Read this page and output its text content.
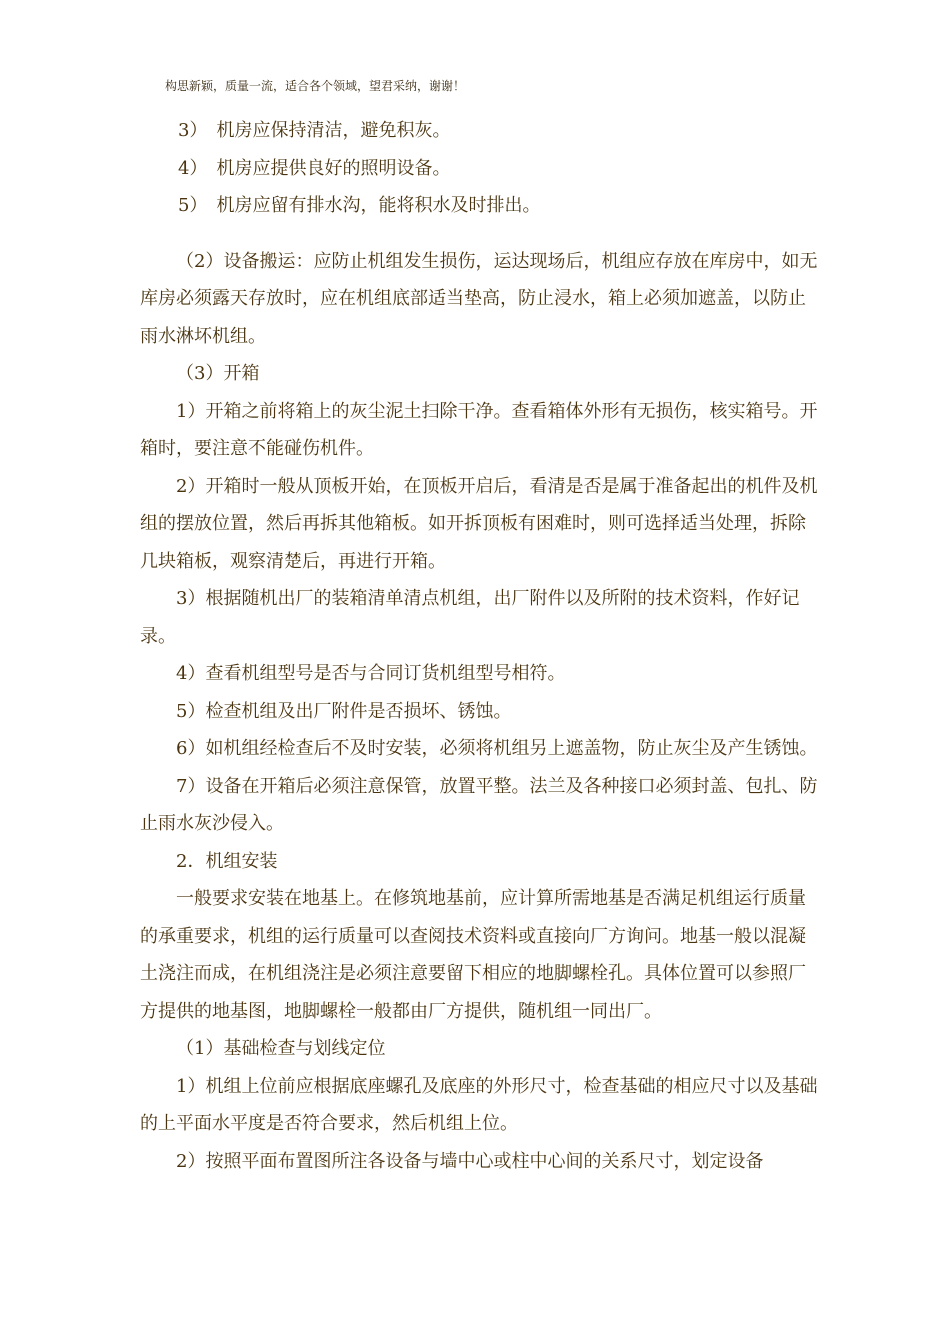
构思新颖，质量一流，适合各个领域，望君采纳，谢谢！

3）　机房应保持清洁，避免积灰。

4）　机房应提供良好的照明设备。

5）　机房应留有排水沟，能将积水及时排出。

（2）设备搬运：应防止机组发生损伤，运达现场后，机组应存放在库房中，如无库房必须露天存放时，应在机组底部适当垫高，防止浸水，箱上必须加遮盖，以防止雨水淋坏机组。

（3）开箱

1）开箱之前将箱上的灰尘泥土扫除干净。查看箱体外形有无损伤，核实箱号。开箱时，要注意不能碰伤机件。

2）开箱时一般从顶板开始，在顶板开启后，看清是否是属于准备起出的机件及机组的摆放位置，然后再拆其他箱板。如开拆顶板有困难时，则可选择适当处理，拆除几块箱板，观察清楚后，再进行开箱。

3）根据随机出厂的装箱清单清点机组，出厂附件以及所附的技术资料，作好记录。

4）查看机组型号是否与合同订货机组型号相符。

5）检查机组及出厂附件是否损坏、锈蚀。

6）如机组经检查后不及时安装，必须将机组另上遮盖物，防止灰尘及产生锈蚀。

7）设备在开箱后必须注意保管，放置平整。法兰及各种接口必须封盖、包扎、防止雨水灰沙侵入。

2．机组安装

一般要求安装在地基上。在修筑地基前，应计算所需地基是否满足机组运行质量的承重要求，机组的运行质量可以查阅技术资料或直接向厂方询问。地基一般以混凝土浇注而成，在机组浇注是必须注意要留下相应的地脚螺栓孔。具体位置可以参照厂方提供的地基图，地脚螺栓一般都由厂方提供，随机组一同出厂。

（1）基础检查与划线定位

1）机组上位前应根据底座螺孔及底座的外形尺寸，检查基础的相应尺寸以及基础的上平面水平度是否符合要求，然后机组上位。

2）按照平面布置图所注各设备与墙中心或柱中心间的关系尺寸，划定设备
